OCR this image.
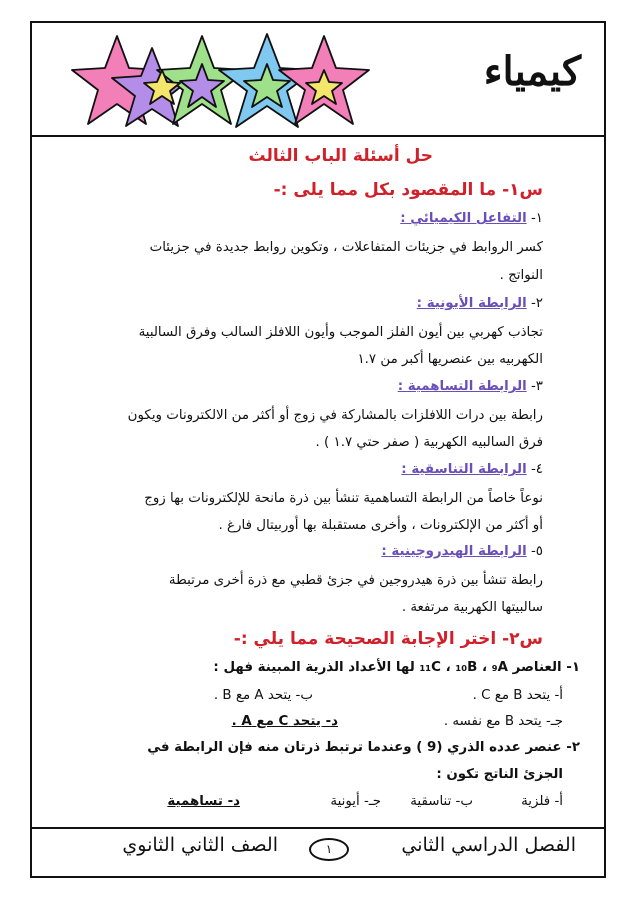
كيمياء
حل أسئلة الباب الثالث
س١- ما المقصود بكل مما يلى :-
١- التفاعل الكيميائي :
كسر الروابط في جزيئات المتفاعلات ، وتكوين روابط جديدة في جزيئات
النواتج .
٢- الرابطة الأيونية :
تجاذب كهربي بين أيون الفلز الموجب وأيون اللافلز السالب وفرق السالبية
الكهربيه بين عنصريها أكبر من ١.٧
٣- الرابطة التساهمية :
رابطة بين درات اللافلزات بالمشاركة في زوج أو أكثر من الالكترونات ويكون
فرق السالبيه الكهربية ( صفر حتي ١.٧ ) .
٤- الرابطة التناسقية :
نوعاً خاصاً من الرابطة التساهمية تنشأ بين ذرة مانحة للإلكترونات بها زوج
أو أكثر من الإلكترونات ، وأخرى مستقبلة بها أوربيتال فارغ .
٥- الرابطة الهيدروجينية :
رابطة تنشأ بين ذرة هيدروجين في جزئ قطبي مع ذرة أخرى مرتبطة
سالبيتها الكهربية مرتفعة .
س٢- اختر الإجابة الصحيحة مما يلي :-
١- العناصر ₁₁C ، ₁₀B ، ₉A لها الأعداد الذرية المبينة فهل :
أ- يتحد B مع C .
ب- يتحد A مع B .
جـ- يتحد B مع نفسه .
د- يتحد C مع A .
٢- عنصر عدده الذري (9 ) وعندما ترتبط ذرتان منه فإن الرابطة في
الجزئ الناتج تكون :
أ- فلزية
ب- تناسقية
جـ- أيونية
د- تساهمية
الفصل الدراسي الثاني
١
الصف الثاني الثانوي
